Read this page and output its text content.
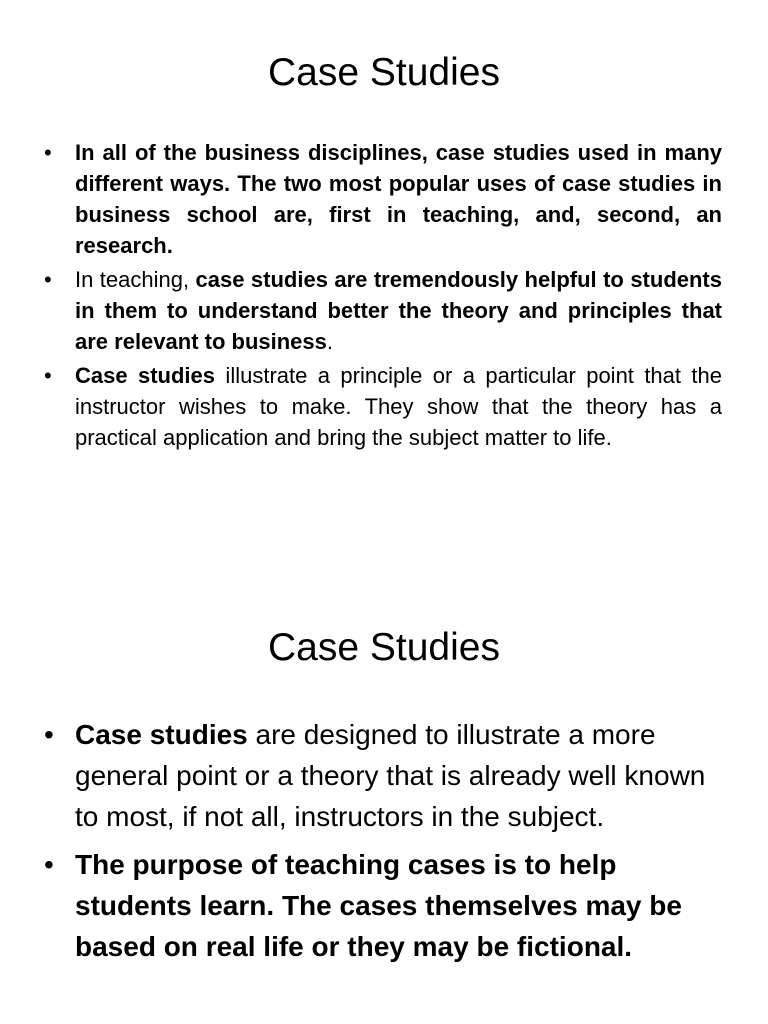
Case Studies
• In all of the business disciplines, case studies used in many different ways. The two most popular uses of case studies in business school are, first in teaching, and, second, an research.
• In teaching, case studies are tremendously helpful to students in them to understand better the theory and principles that are relevant to business.
• Case studies illustrate a principle or a particular point that the instructor wishes to make. They show that the theory has a practical application and bring the subject matter to life.
Case Studies
• Case studies are designed to illustrate a more general point or a theory that is already well known to most, if not all, instructors in the subject.
• The purpose of teaching cases is to help students learn. The cases themselves may be based on real life or they may be fictional.
